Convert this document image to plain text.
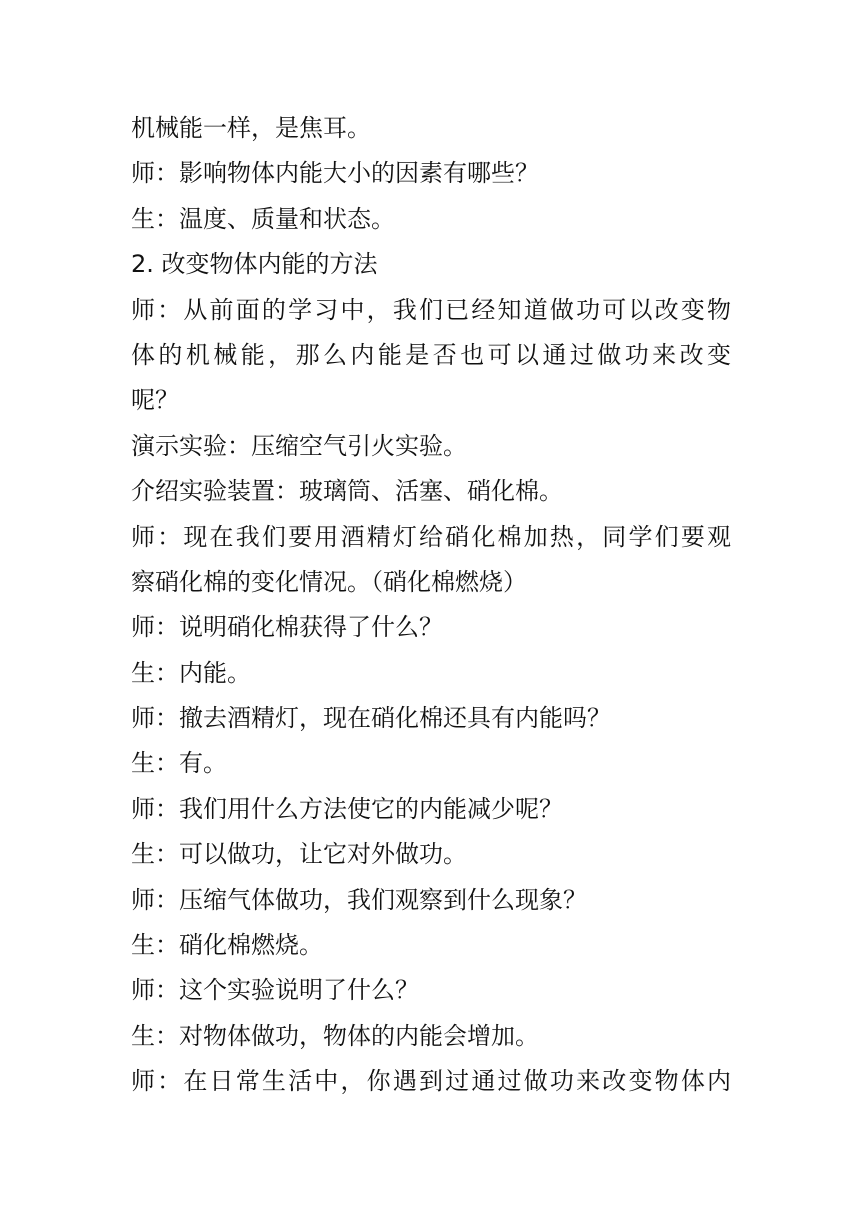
机械能一样，是焦耳。
师：影响物体内能大小的因素有哪些？
生：温度、质量和状态。
2. 改变物体内能的方法
师：从前面的学习中，我们已经知道做功可以改变物
体的机械能，那么内能是否也可以通过做功来改变
呢？
演示实验：压缩空气引火实验。
介绍实验装置：玻璃筒、活塞、硝化棉。
师：现在我们要用酒精灯给硝化棉加热，同学们要观
察硝化棉的变化情况。（硝化棉燃烧）
师：说明硝化棉获得了什么？
生：内能。
师：撤去酒精灯，现在硝化棉还具有内能吗？
生：有。
师：我们用什么方法使它的内能减少呢？
生：可以做功，让它对外做功。
师：压缩气体做功，我们观察到什么现象？
生：硝化棉燃烧。
师：这个实验说明了什么？
生：对物体做功，物体的内能会增加。
师：在日常生活中，你遇到过通过做功来改变物体内
